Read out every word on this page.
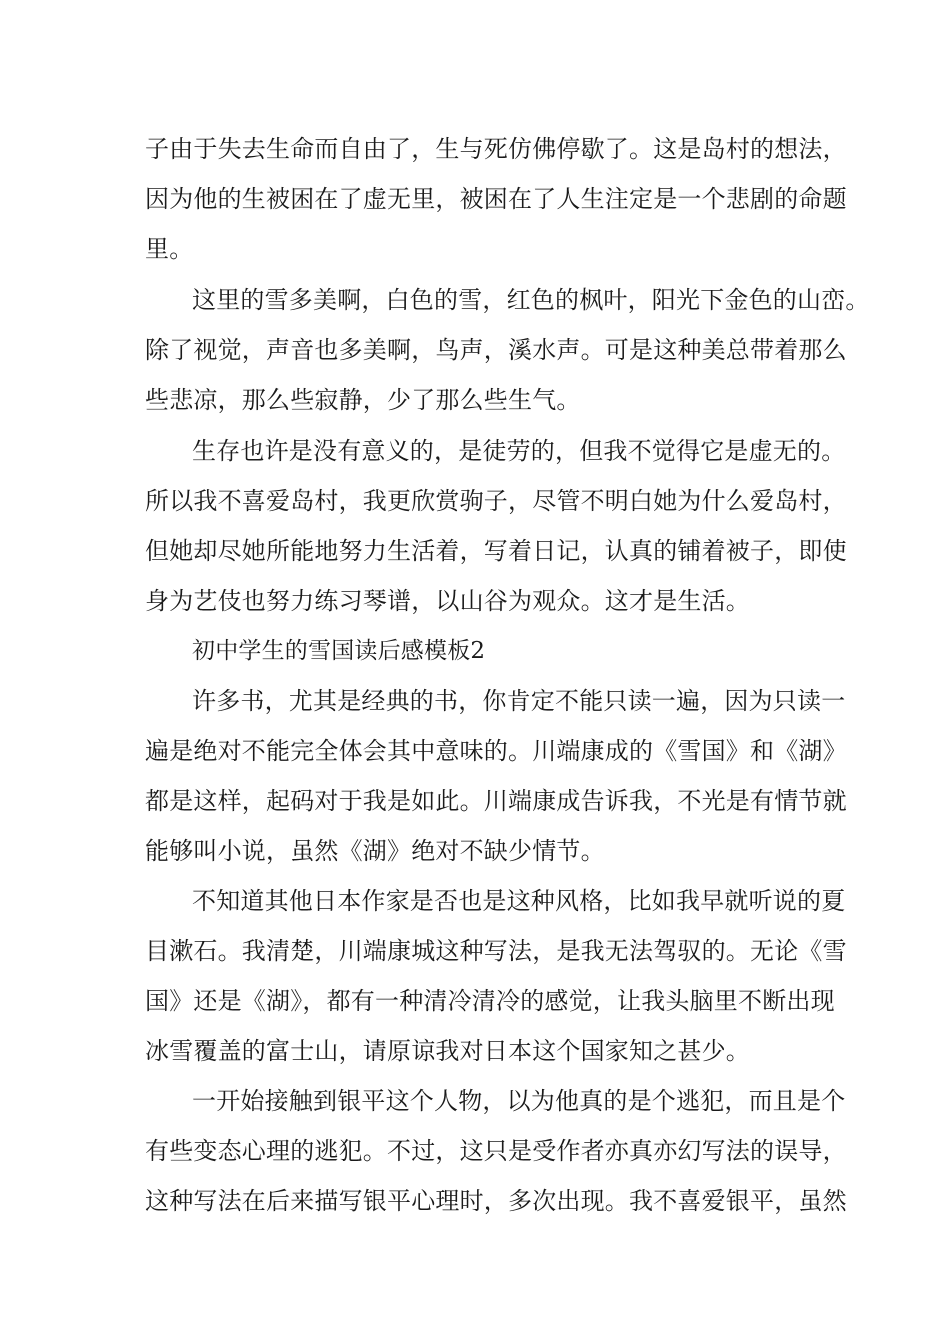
子由于失去生命而自由了，生与死仿佛停歇了。这是岛村的想法，
因为他的生被困在了虚无里，被困在了人生注定是一个悲剧的命题
里。
这里的雪多美啊，白色的雪，红色的枫叶，阳光下金色的山峦。
除了视觉，声音也多美啊，鸟声，溪水声。可是这种美总带着那么
些悲凉，那么些寂静，少了那么些生气。
生存也许是没有意义的，是徒劳的，但我不觉得它是虚无的。
所以我不喜爱岛村，我更欣赏驹子，尽管不明白她为什么爱岛村，
但她却尽她所能地努力生活着，写着日记，认真的铺着被子，即使
身为艺伎也努力练习琴谱，以山谷为观众。这才是生活。
初中学生的雪国读后感模板2
许多书，尤其是经典的书，你肯定不能只读一遍，因为只读一
遍是绝对不能完全体会其中意味的。川端康成的《雪国》和《湖》
都是这样，起码对于我是如此。川端康成告诉我，不光是有情节就
能够叫小说，虽然《湖》绝对不缺少情节。
不知道其他日本作家是否也是这种风格，比如我早就听说的夏
目漱石。我清楚，川端康城这种写法，是我无法驾驭的。无论《雪
国》还是《湖》，都有一种清冷清冷的感觉，让我头脑里不断出现
冰雪覆盖的富士山，请原谅我对日本这个国家知之甚少。
一开始接触到银平这个人物，以为他真的是个逃犯，而且是个
有些变态心理的逃犯。不过，这只是受作者亦真亦幻写法的误导，
这种写法在后来描写银平心理时，多次出现。我不喜爱银平，虽然
